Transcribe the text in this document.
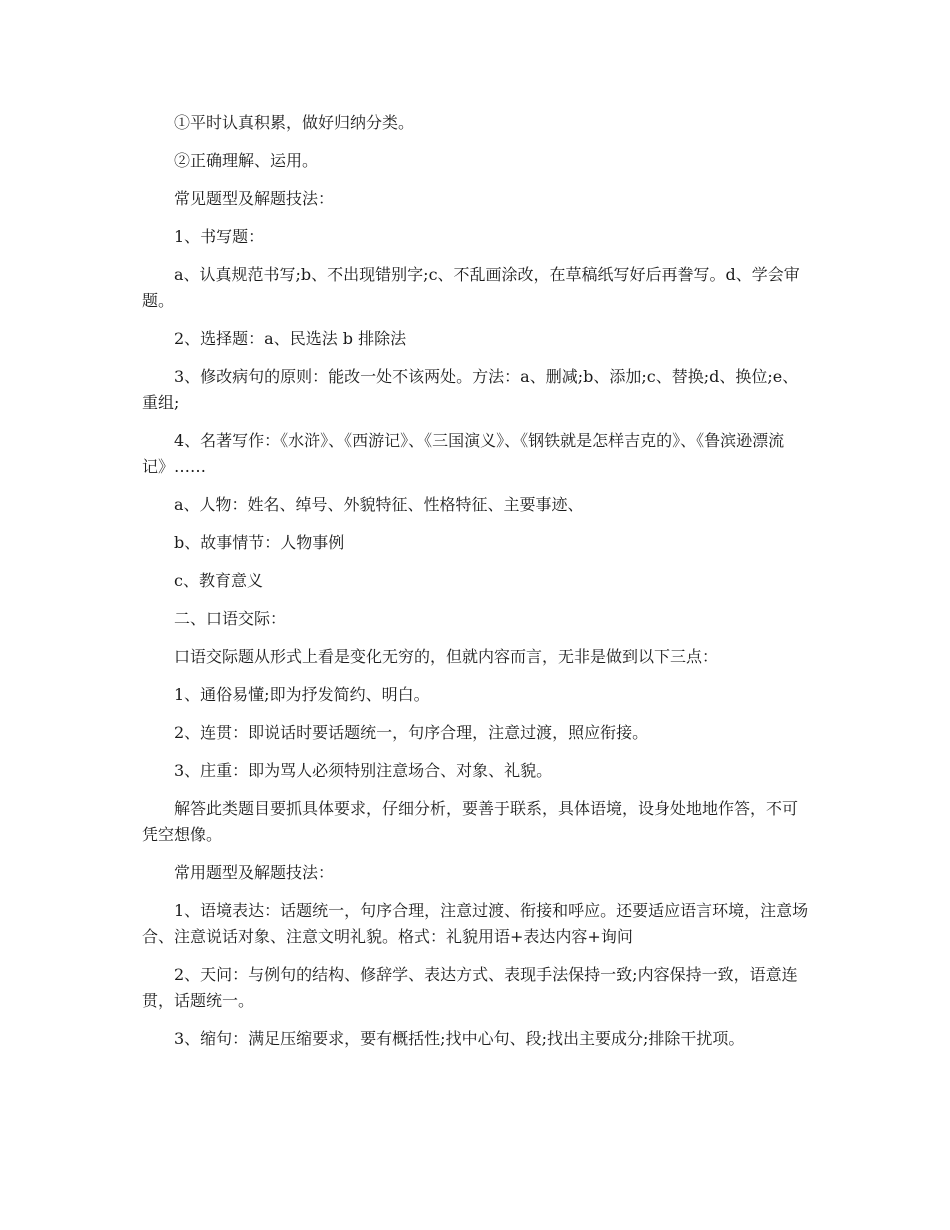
①平时认真积累，做好归纳分类。

②正确理解、运用。

常见题型及解题技法：

1、书写题：

a、认真规范书写;b、不出现错别字;c、不乱画涂改，在草稿纸写好后再誊写。d、学会审题。

2、选择题：a、民选法 b 排除法

3、修改病句的原则：能改一处不该两处。方法：a、删减;b、添加;c、替换;d、换位;e、重组;

4、名著写作：《水浒》、《西游记》、《三国演义》、《钢铁就是怎样吉克的》、《鲁滨逊漂流记》……

a、人物：姓名、绰号、外貌特征、性格特征、主要事迹、

b、故事情节：人物事例

c、教育意义

二、口语交际：

口语交际题从形式上看是变化无穷的，但就内容而言，无非是做到以下三点：

1、通俗易懂;即为抒发简约、明白。

2、连贯：即说话时要话题统一，句序合理，注意过渡，照应衔接。

3、庄重：即为骂人必须特别注意场合、对象、礼貌。

解答此类题目要抓具体要求，仔细分析，要善于联系，具体语境，设身处地地作答，不可凭空想像。

常用题型及解题技法：

1、语境表达：话题统一，句序合理，注意过渡、衔接和呼应。还要适应语言环境，注意场合、注意说话对象、注意文明礼貌。格式：礼貌用语+表达内容+询问

2、天问：与例句的结构、修辞学、表达方式、表现手法保持一致;内容保持一致，语意连贯，话题统一。

3、缩句：满足压缩要求，要有概括性;找中心句、段;找出主要成分;排除干扰项。
